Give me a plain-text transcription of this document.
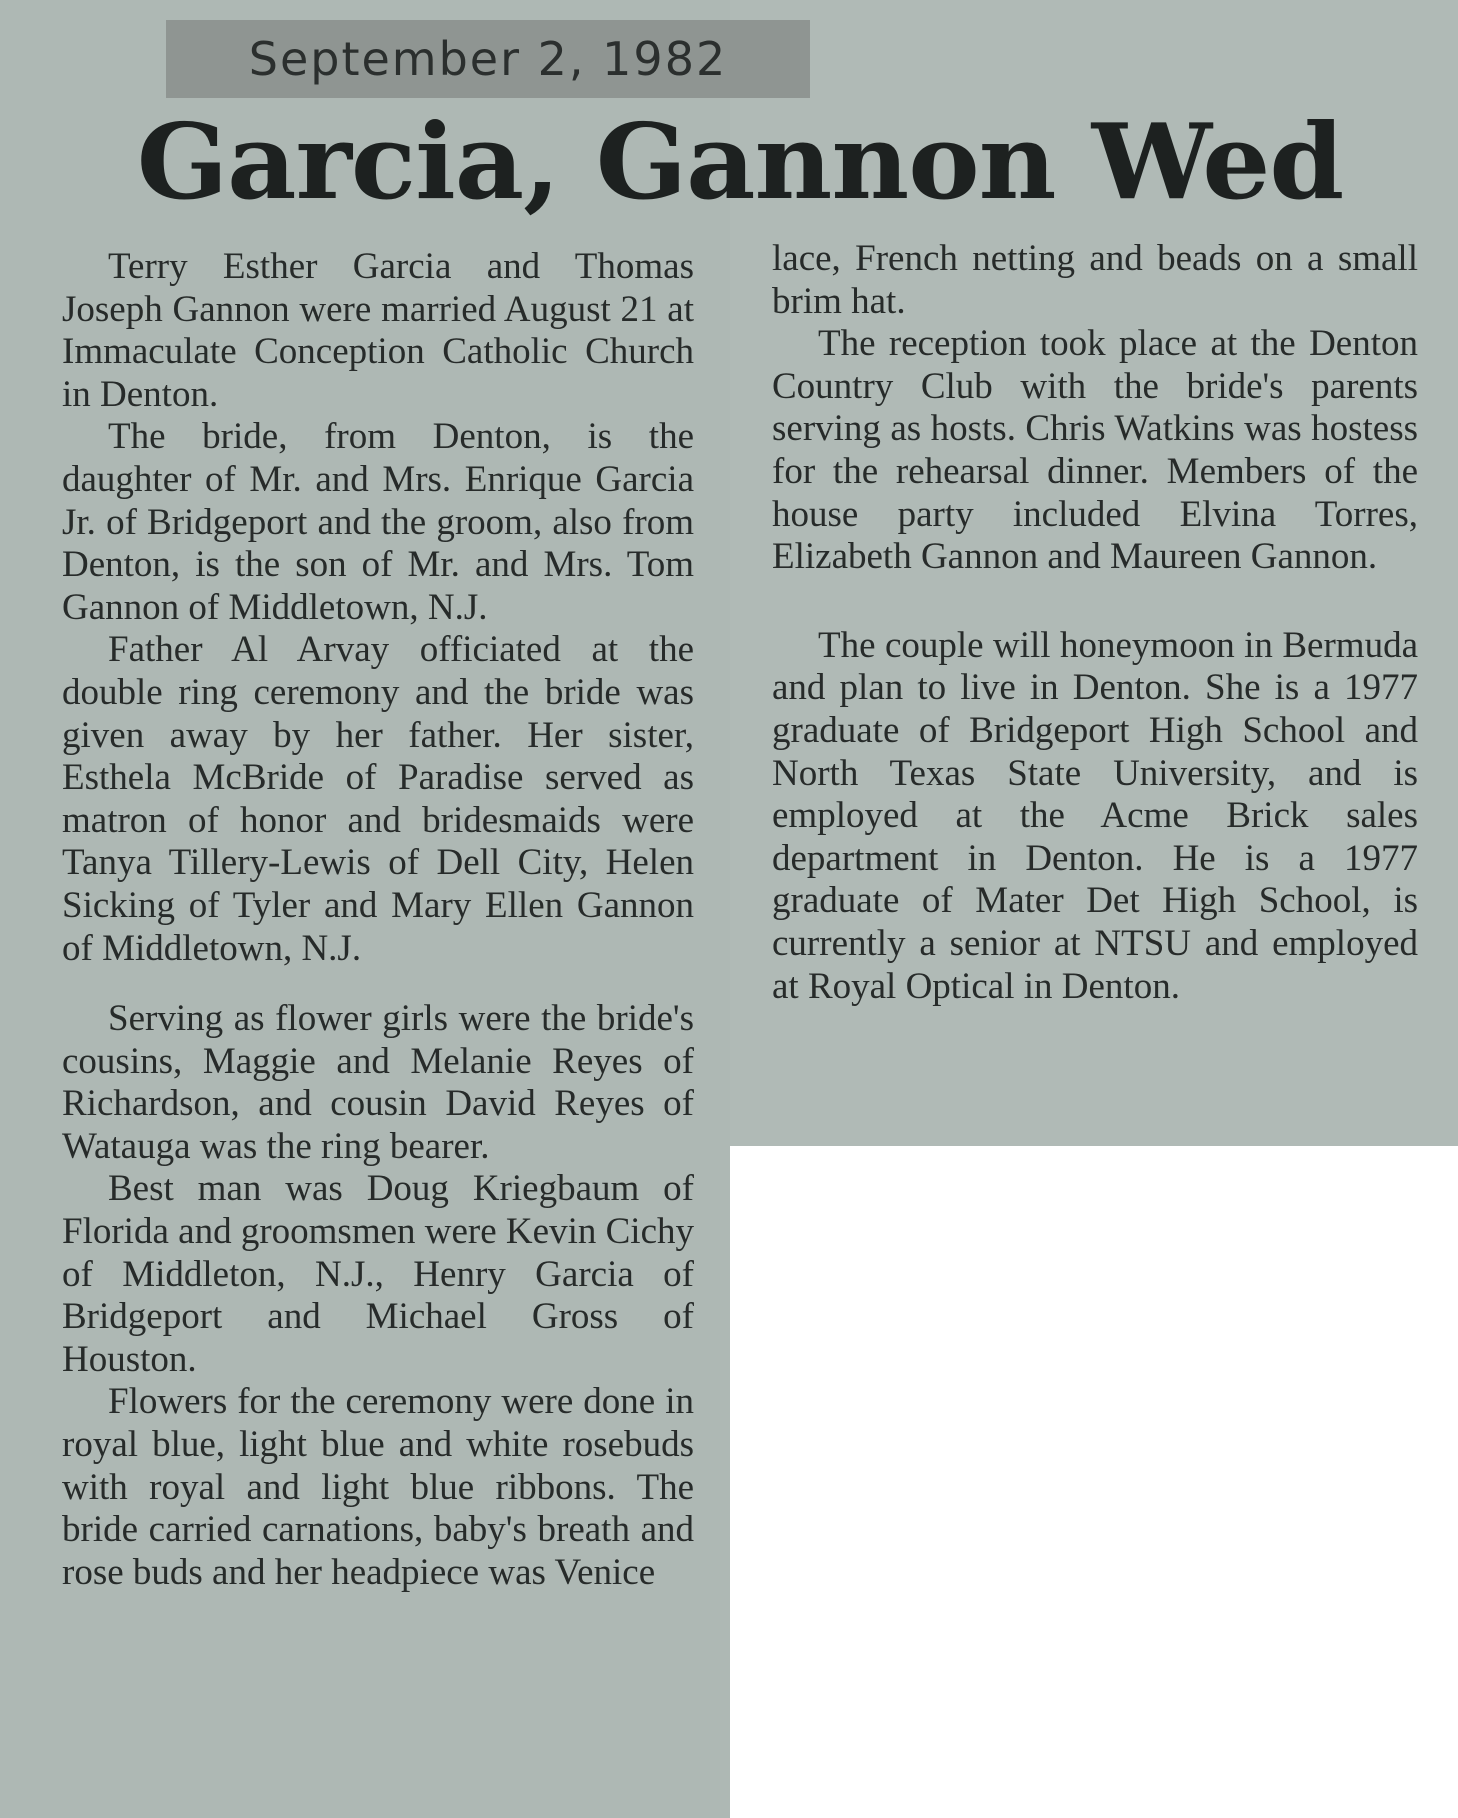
September 2, 1982
Garcia, Gannon Wed

Terry Esther Garcia and Thomas Joseph Gannon were married August 21 at Immaculate Conception Catholic Church in Denton.

The bride, from Denton, is the daughter of Mr. and Mrs. Enrique Garcia Jr. of Bridgeport and the groom, also from Denton, is the son of Mr. and Mrs. Tom Gannon of Middletown, N.J.

Father Al Arvay officiated at the double ring ceremony and the bride was given away by her father. Her sister, Esthela McBride of Paradise served as matron of honor and bridesmaids were Tanya Tillery-Lewis of Dell City, Helen Sicking of Tyler and Mary Ellen Gannon of Middletown, N.J.

Serving as flower girls were the bride's cousins, Maggie and Melanie Reyes of Richardson, and cousin David Reyes of Watauga was the ring bearer.

Best man was Doug Kriegbaum of Florida and groomsmen were Kevin Cichy of Middleton, N.J., Henry Garcia of Bridgeport and Michael Gross of Houston.

Flowers for the ceremony were done in royal blue, light blue and white rosebuds with royal and light blue ribbons. The bride carried carnations, baby's breath and rose buds and her headpiece was Venice

lace, French netting and beads on a small brim hat.

The reception took place at the Denton Country Club with the bride's parents serving as hosts. Chris Watkins was hostess for the rehearsal dinner. Members of the house party included Elvina Torres, Elizabeth Gannon and Maureen Gannon.

The couple will honeymoon in Bermuda and plan to live in Denton. She is a 1977 graduate of Bridgeport High School and North Texas State University, and is employed at the Acme Brick sales department in Denton. He is a 1977 graduate of Mater Det High School, is currently a senior at NTSU and employed at Royal Optical in Denton.
